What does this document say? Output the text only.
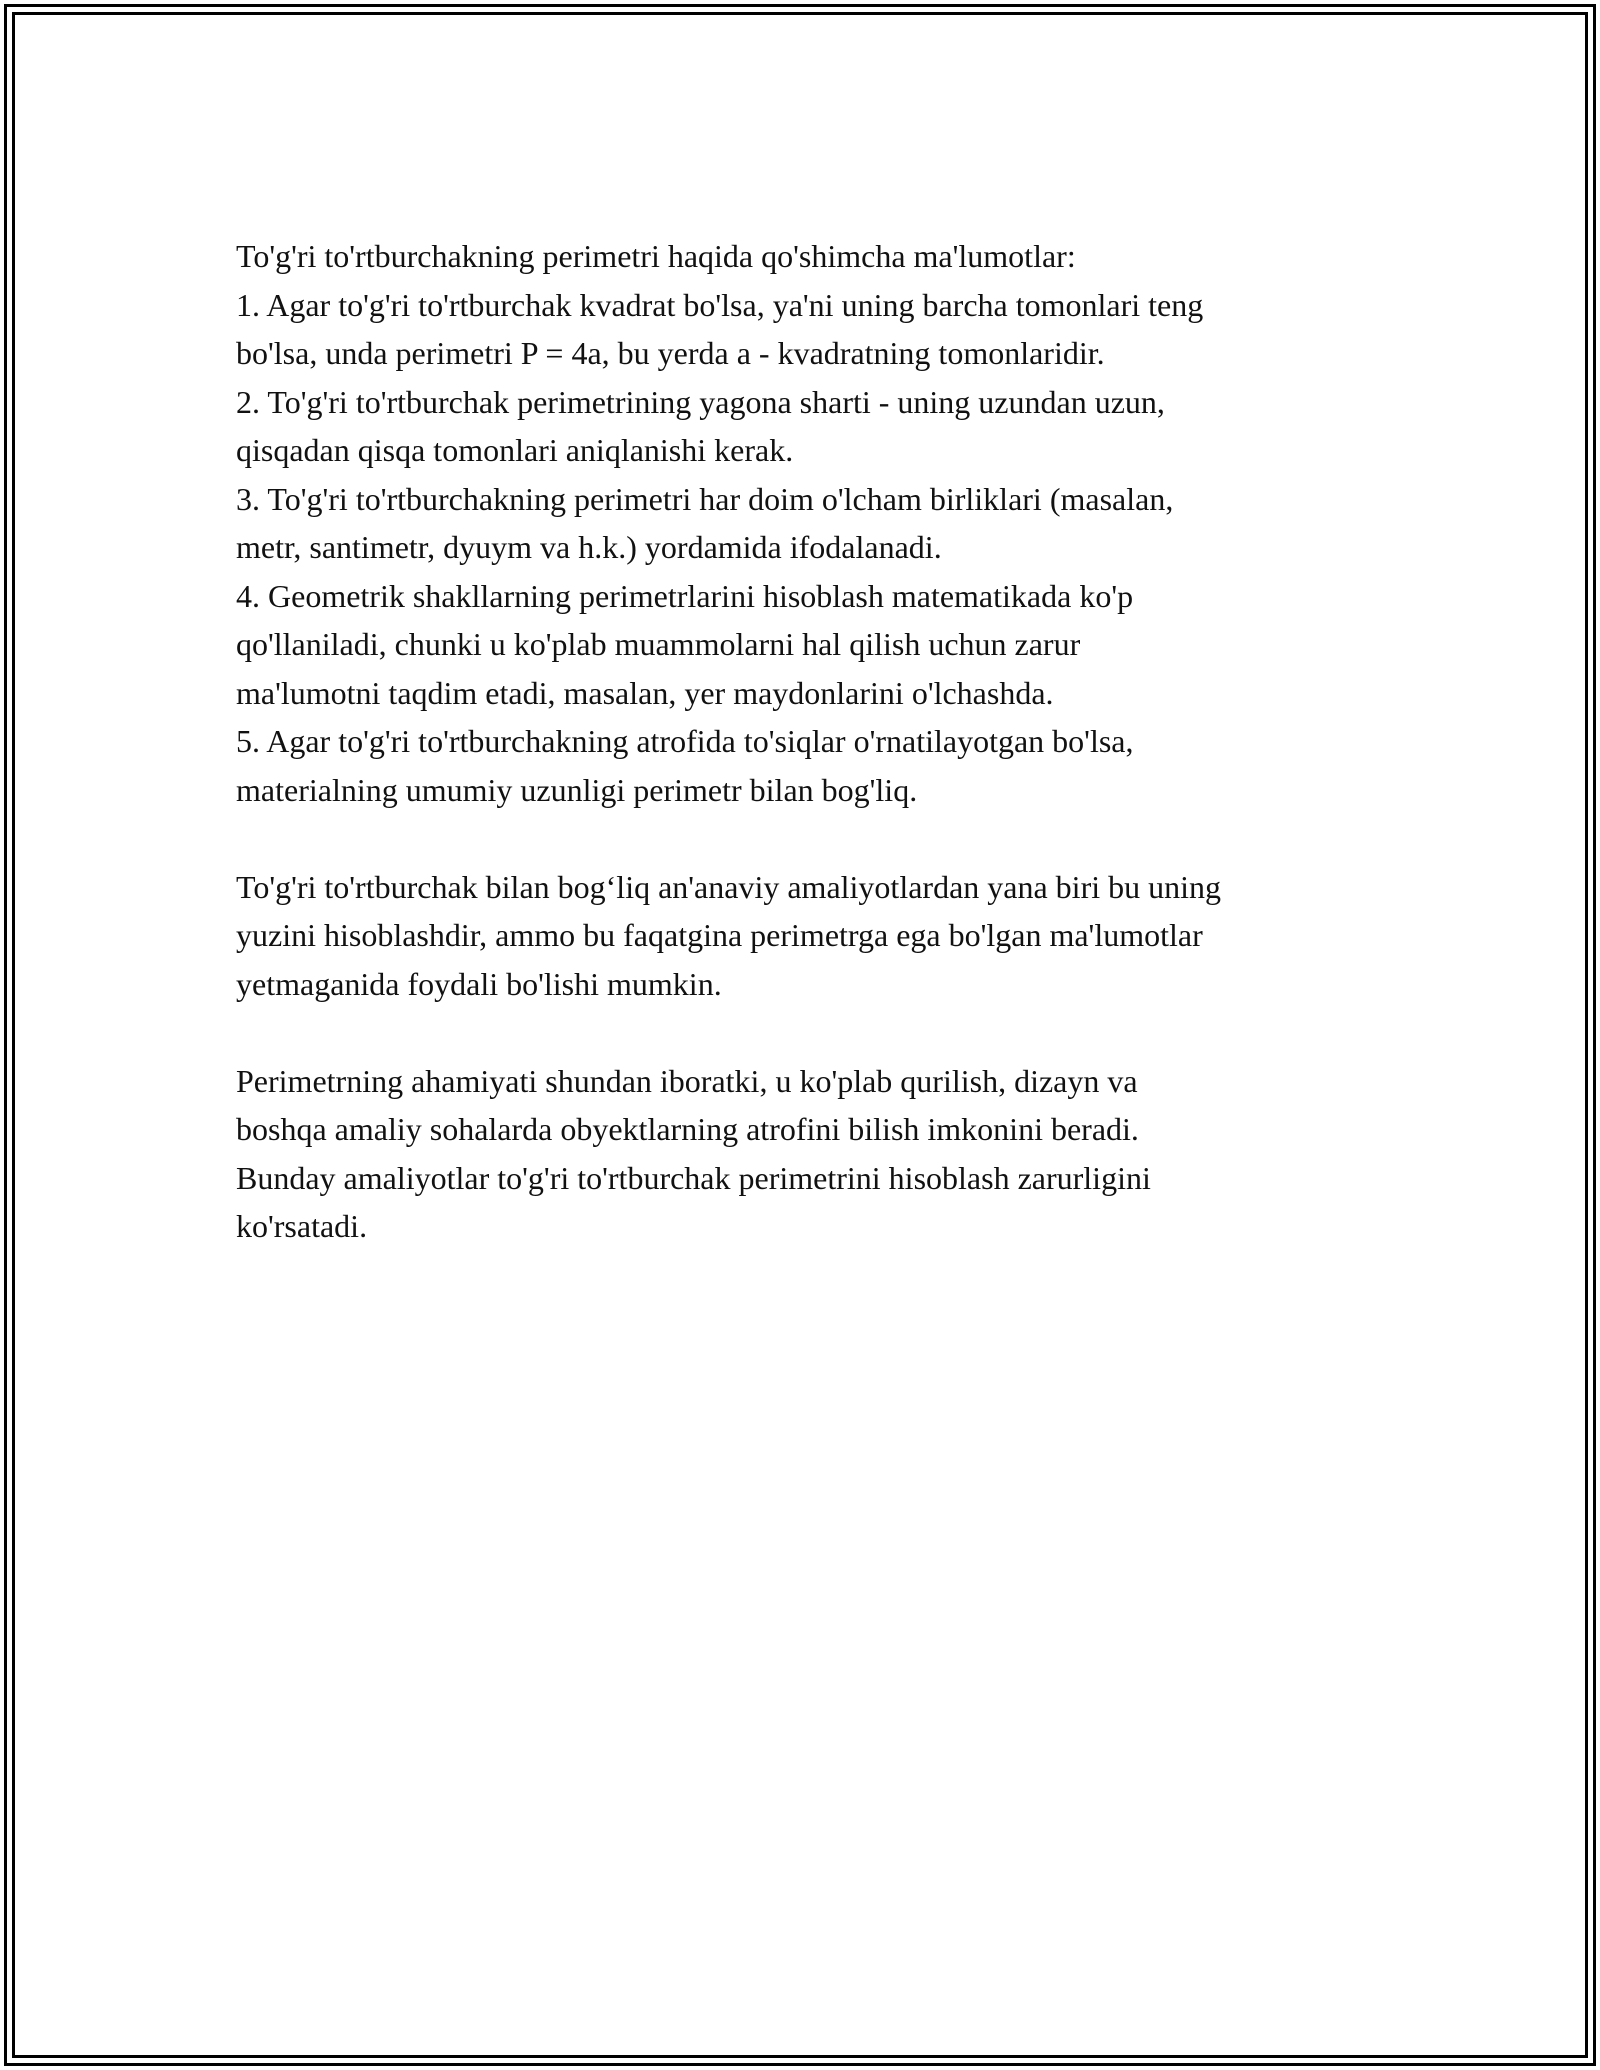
To'g'ri to'rtburchakning perimetri haqida qo'shimcha ma'lumotlar:
1. Agar to'g'ri to'rtburchak kvadrat bo'lsa, ya'ni uning barcha tomonlari teng
bo'lsa, unda perimetri P = 4a, bu yerda a - kvadratning tomonlaridir.
2. To'g'ri to'rtburchak perimetrining yagona sharti - uning uzundan uzun,
qisqadan qisqa tomonlari aniqlanishi kerak.
3. To'g'ri to'rtburchakning perimetri har doim o'lcham birliklari (masalan,
metr, santimetr, dyuym va h.k.) yordamida ifodalanadi.
4. Geometrik shakllarning perimetrlarini hisoblash matematikada ko'p
qo'llaniladi, chunki u ko'plab muammolarni hal qilish uchun zarur
ma'lumotni taqdim etadi, masalan, yer maydonlarini o'lchashda.
5. Agar to'g'ri to'rtburchakning atrofida to'siqlar o'rnatilayotgan bo'lsa,
materialning umumiy uzunligi perimetr bilan bog'liq.
To'g'ri to'rtburchak bilan bog‘liq an'anaviy amaliyotlardan yana biri bu uning
yuzini hisoblashdir, ammo bu faqatgina perimetrga ega bo'lgan ma'lumotlar
yetmaganida foydali bo'lishi mumkin.
Perimetrning ahamiyati shundan iboratki, u ko'plab qurilish, dizayn va
boshqa amaliy sohalarda obyektlarning atrofini bilish imkonini beradi.
Bunday amaliyotlar to'g'ri to'rtburchak perimetrini hisoblash zarurligini
ko'rsatadi.
